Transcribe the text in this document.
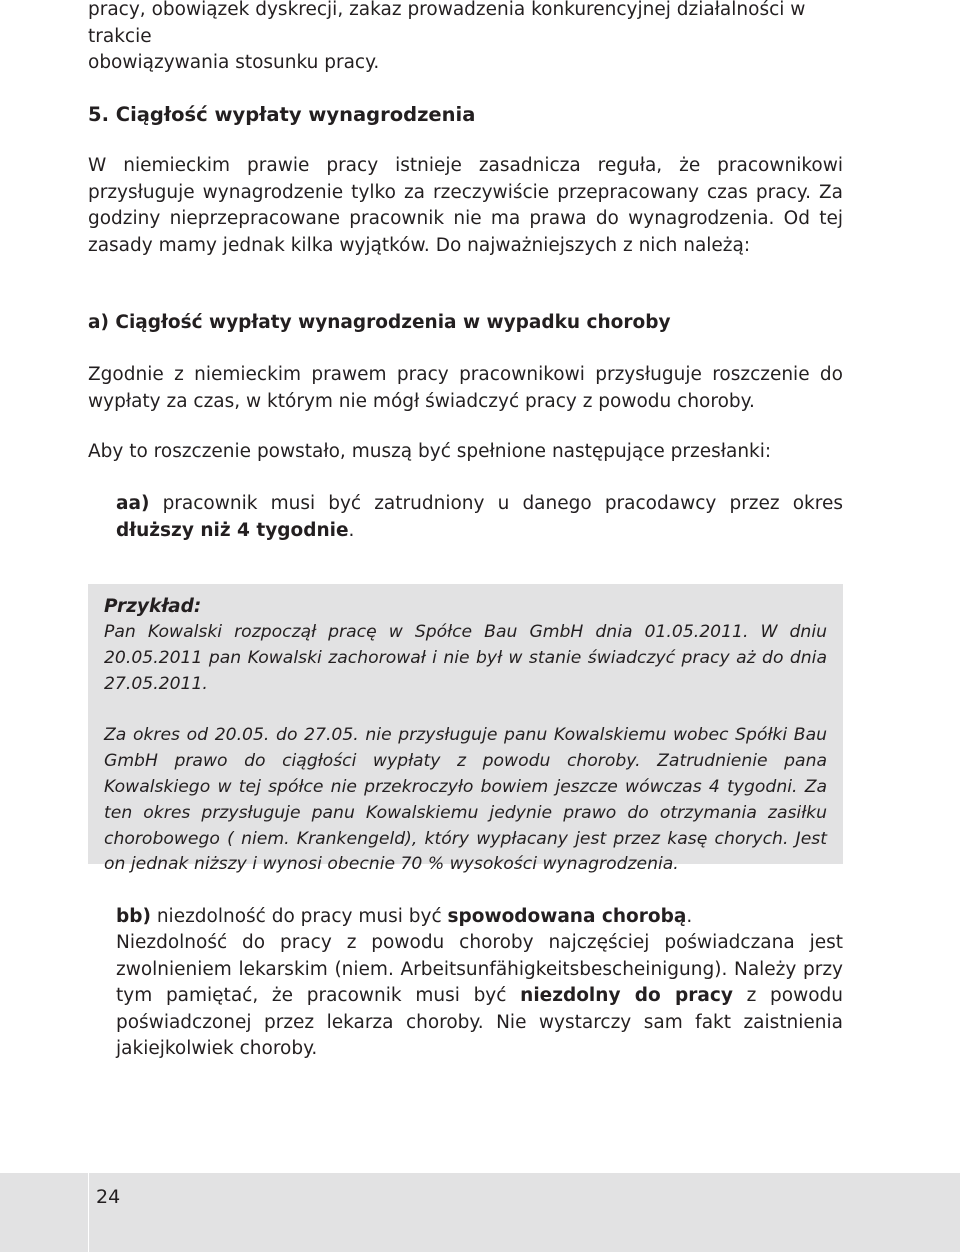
pracy, obowiązek dyskrecji, zakaz prowadzenia konkurencyjnej działalności w trakcie
obowiązywania stosunku pracy.

5. Ciągłość wypłaty wynagrodzenia

W niemieckim prawie pracy istnieje zasadnicza reguła, że pracownikowi przysługuje wynagrodzenie tylko za rzeczywiście przepracowany czas pracy. Za godziny nieprzepracowane pracownik nie ma prawa do wynagrodzenia. Od tej zasady mamy jednak kilka wyjątków. Do najważniejszych z nich należą:

a) Ciągłość wypłaty wynagrodzenia w wypadku choroby

Zgodnie z niemieckim prawem pracy pracownikowi przysługuje roszczenie do wypłaty za czas, w którym nie mógł świadczyć pracy z powodu choroby.

Aby to roszczenie powstało, muszą być spełnione następujące przesłanki:

aa) pracownik musi być zatrudniony u danego pracodawcy przez okres dłuższy niż 4 tygodnie.

Przykład:

Pan Kowalski rozpoczął pracę w Spółce Bau GmbH dnia 01.05.2011. W dniu 20.05.2011 pan Kowalski zachorował i nie był w stanie świadczyć pracy aż do dnia 27.05.2011.

Za okres od 20.05. do 27.05. nie przysługuje panu Kowalskiemu wobec Spółki Bau GmbH prawo do ciągłości wypłaty z powodu choroby. Zatrudnienie pana Kowalskiego w tej spółce nie przekroczyło bowiem jeszcze wówczas 4 tygodni. Za ten okres przysługuje panu Kowalskiemu jedynie prawo do otrzymania zasiłku chorobowego ( niem. Krankengeld), który wypłacany jest przez kasę chorych. Jest on jednak niższy i wynosi obecnie 70 % wysokości wynagrodzenia.

bb) niezdolność do pracy musi być spowodowana chorobą.

Niezdolność do pracy z powodu choroby najczęściej poświadczana jest zwolnieniem lekarskim (niem. Arbeitsunfähigkeitsbescheinigung). Należy przy tym pamiętać, że pracownik musi być niezdolny do pracy z powodu poświadczonej przez lekarza choroby. Nie wystarczy sam fakt zaistnienia jakiejkolwiek choroby.

24
